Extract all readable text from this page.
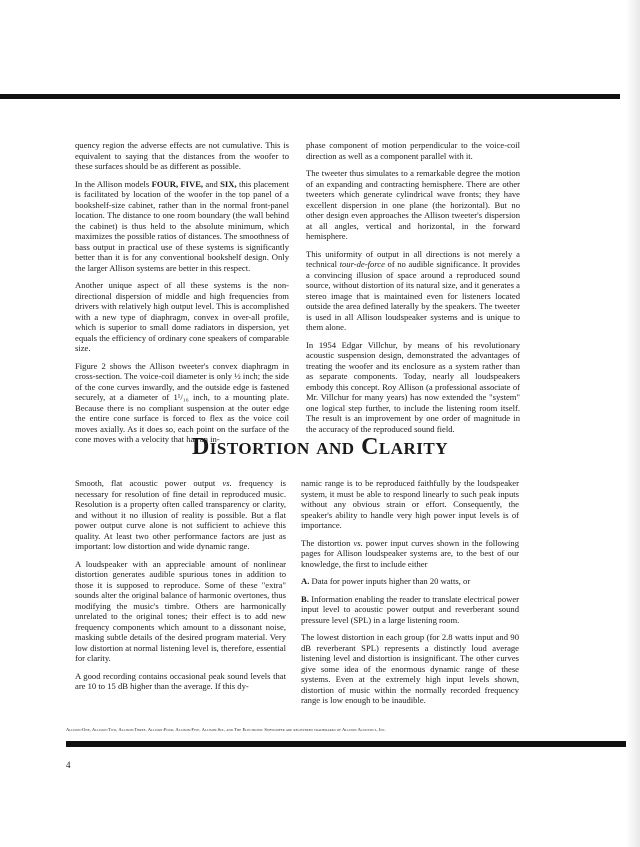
quency region the adverse effects are not cumulative. This is equivalent to saying that the distances from the woofer to these surfaces should be as different as possible.

In the Allison models FOUR, FIVE, and SIX, this placement is facilitated by location of the woofer in the top panel of a bookshelf-size cabinet, rather than in the normal front-panel location. The distance to one room boundary (the wall behind the cabinet) is thus held to the absolute minimum, which maximizes the possible ratios of distances. The smoothness of bass output in practical use of these systems is significantly better than it is for any conventional bookshelf design. Only the larger Allison systems are better in this respect.

Another unique aspect of all these systems is the non-directional dispersion of middle and high frequencies from drivers with relatively high output level. This is accomplished with a new type of diaphragm, convex in over-all profile, which is superior to small dome radiators in dispersion, yet equals the efficiency of ordinary cone speakers of comparable size.

Figure 2 shows the Allison tweeter's convex diaphragm in cross-section. The voice-coil diameter is only ½ inch; the side of the cone curves inwardly, and the outside edge is fastened securely, at a diameter of 1¹/₁₆ inch, to a mounting plate. Because there is no compliant suspension at the outer edge the entire cone surface is forced to flex as the voice coil moves axially. As it does so, each point on the surface of the cone moves with a velocity that has an in-

phase component of motion perpendicular to the voice-coil direction as well as a component parallel with it.

The tweeter thus simulates to a remarkable degree the motion of an expanding and contracting hemisphere. There are other tweeters which generate cylindrical wave fronts; they have excellent dispersion in one plane (the horizontal). But no other design even approaches the Allison tweeter's dispersion at all angles, vertical and horizontal, in the forward hemisphere.

This uniformity of output in all directions is not merely a technical tour-de-force of no audible significance. It provides a convincing illusion of space around a reproduced sound source, without distortion of its natural size, and it generates a stereo image that is maintained even for listeners located outside the area defined laterally by the speakers. The tweeter is used in all Allison loudspeaker systems and is unique to them alone.

In 1954 Edgar Villchur, by means of his revolutionary acoustic suspension design, demonstrated the advantages of treating the woofer and its enclosure as a system rather than as separate components. Today, nearly all loudspeakers embody this concept. Roy Allison (a professional associate of Mr. Villchur for many years) has now extended the "system" one logical step further, to include the listening room itself. The result is an improvement by one order of magnitude in the accuracy of the reproduced sound field.

Distortion and Clarity

Smooth, flat acoustic power output vs. frequency is necessary for resolution of fine detail in reproduced music. Resolution is a property often called transparency or clarity, and without it no illusion of reality is possible. But a flat power output curve alone is not sufficient to achieve this quality. At least two other performance factors are just as important: low distortion and wide dynamic range.

A loudspeaker with an appreciable amount of nonlinear distortion generates audible spurious tones in addition to those it is supposed to reproduce. Some of these "extra" sounds alter the original balance of harmonic overtones, thus modifying the music's timbre. Others are harmonically unrelated to the original tones; their effect is to add new frequency components which amount to a dissonant noise, masking subtle details of the desired program material. Very low distortion at normal listening level is, therefore, essential for clarity.

A good recording contains occasional peak sound levels that are 10 to 15 dB higher than the average. If this dy-

namic range is to be reproduced faithfully by the loudspeaker system, it must be able to respond linearly to such peak inputs without any obvious strain or effort. Consequently, the speaker's ability to handle very high power input levels is of importance.

The distortion vs. power input curves shown in the following pages for Allison loudspeaker systems are, to the best of our knowledge, the first to include either

A. Data for power inputs higher than 20 watts, or

B. Information enabling the reader to translate electrical power input level to acoustic power output and reverberant sound pressure level (SPL) in a large listening room.

The lowest distortion in each group (for 2.8 watts input and 90 dB reverberant SPL) represents a distinctly loud average listening level and distortion is insignificant. The other curves give some idea of the enormous dynamic range of these systems. Even at the extremely high input levels shown, distortion of music within the normally recorded frequency range is low enough to be inaudible.

Allison:One, Allison:Two, Allison:Three, Allison:Four, Allison:Five, Allison:Six, and The Electronic Subwoofer are registered trademarks of Allison Acoustics, Inc.
4
